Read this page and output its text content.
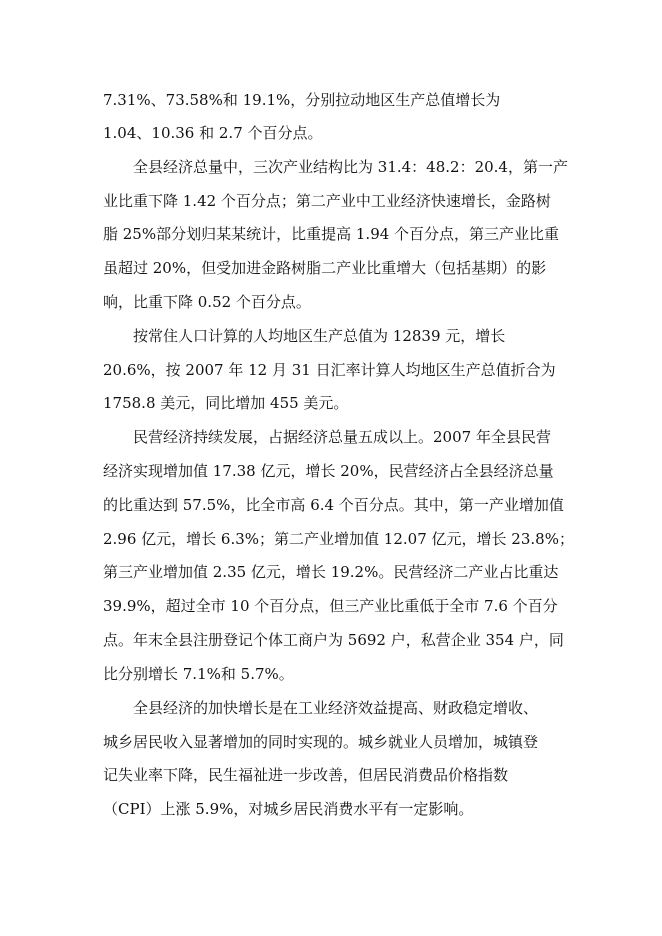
7.31%、73.58%和 19.1%，分别拉动地区生产总值增长为
1.04、10.36 和 2.7 个百分点。
全县经济总量中，三次产业结构比为 31.4：48.2：20.4，第一产
业比重下降 1.42 个百分点；第二产业中工业经济快速增长，金路树
脂 25%部分划归某某统计，比重提高 1.94 个百分点，第三产业比重
虽超过 20%，但受加进金路树脂二产业比重增大（包括基期）的影
响，比重下降 0.52 个百分点。
按常住人口计算的人均地区生产总值为 12839 元，增长
20.6%，按 2007 年 12 月 31 日汇率计算人均地区生产总值折合为
1758.8 美元，同比增加 455 美元。
民营经济持续发展，占据经济总量五成以上。2007 年全县民营
经济实现增加值 17.38 亿元，增长 20%，民营经济占全县经济总量
的比重达到 57.5%，比全市高 6.4 个百分点。其中，第一产业增加值
2.96 亿元，增长 6.3%；第二产业增加值 12.07 亿元，增长 23.8%；
第三产业增加值 2.35 亿元，增长 19.2%。民营经济二产业占比重达
39.9%，超过全市 10 个百分点，但三产业比重低于全市 7.6 个百分
点。年末全县注册登记个体工商户为 5692 户，私营企业 354 户，同
比分别增长 7.1%和 5.7%。
全县经济的加快增长是在工业经济效益提高、财政稳定增收、
城乡居民收入显著增加的同时实现的。城乡就业人员增加，城镇登
记失业率下降，民生福祉进一步改善，但居民消费品价格指数
（CPI）上涨 5.9%，对城乡居民消费水平有一定影响。
